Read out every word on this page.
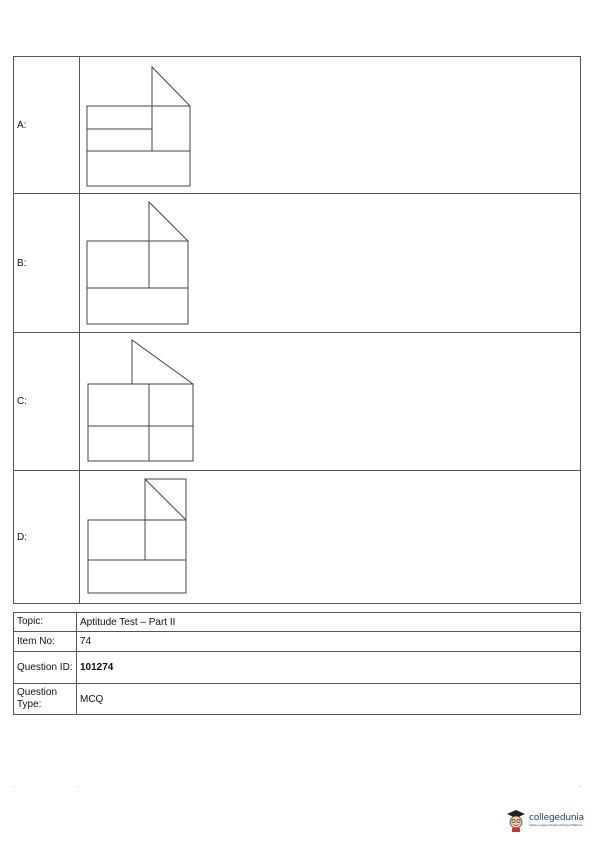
A:	

B:	

C:	

D:	
Topic:	Aptitude Test – Part II
Item No:	74
Question ID:	101274
Question Type:	MCQ
.	.	.
collegedunia
India's Largest Student Review Platform
